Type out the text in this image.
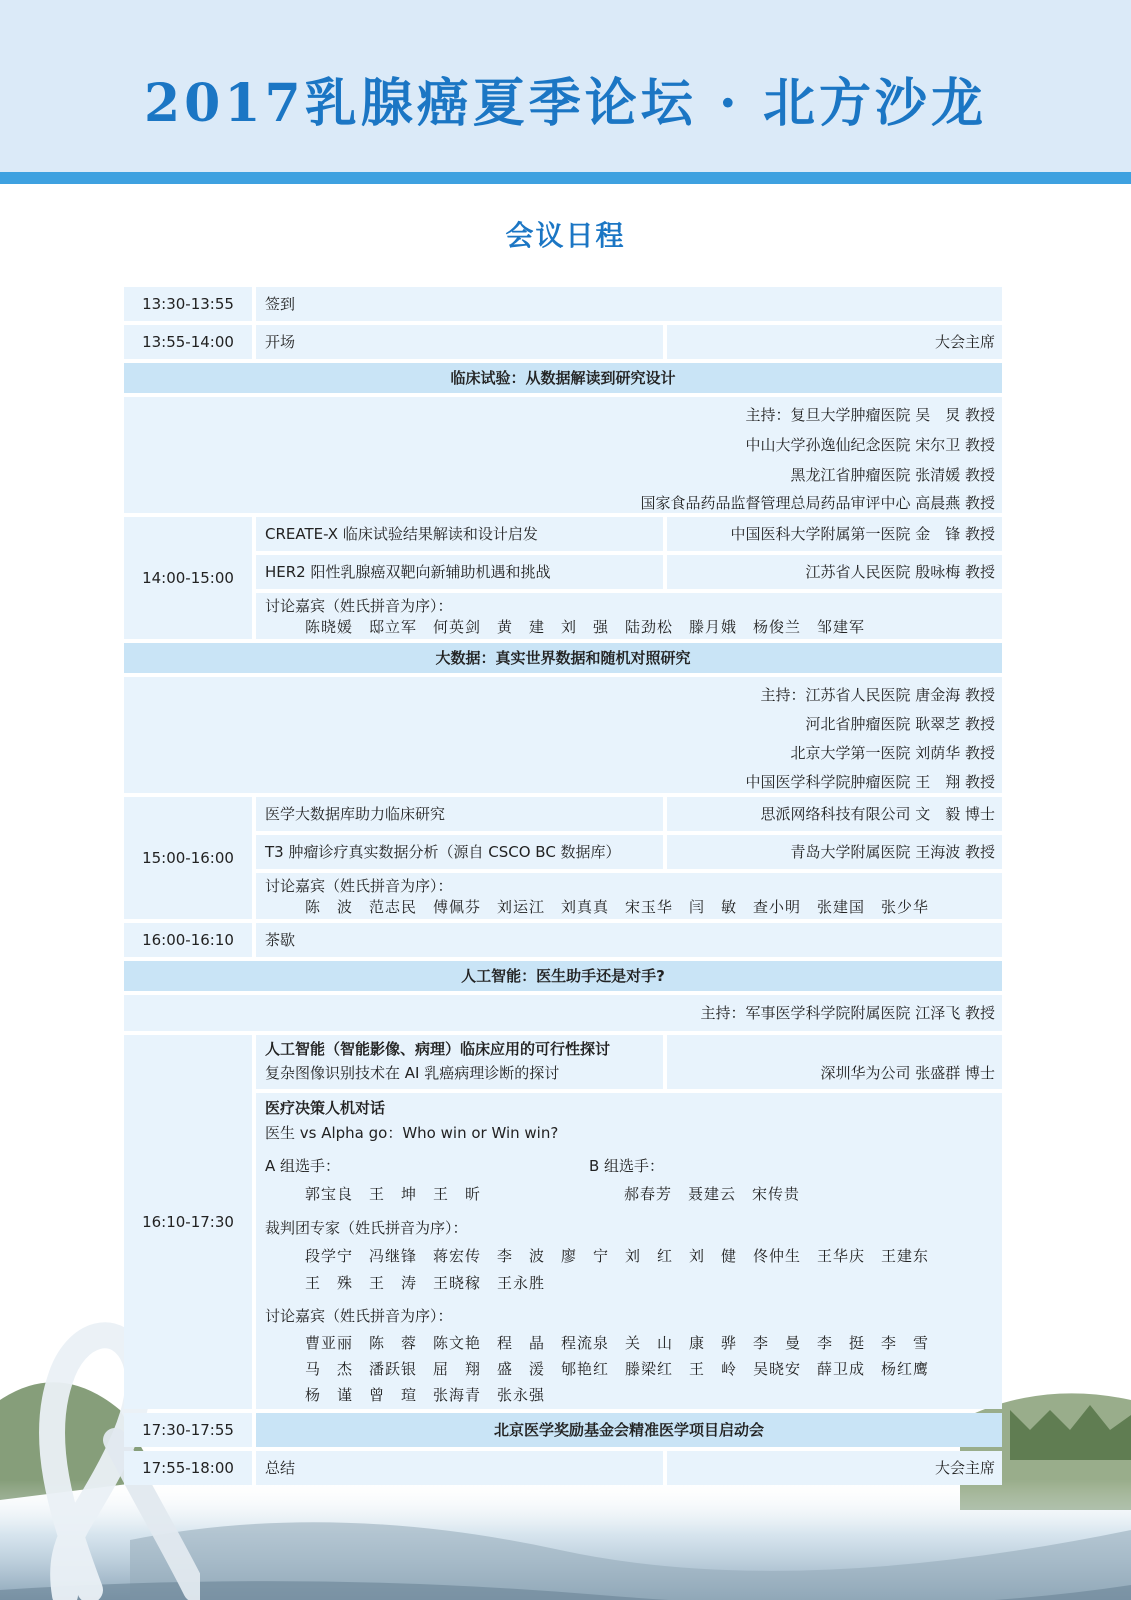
2017乳腺癌夏季论坛 · 北方沙龙
会议日程
13:30-13:55	签到
13:55-14:00	开场	大会主席
临床试验：从数据解读到研究设计
主持：复旦大学肿瘤医院 吴　炅 教授
中山大学孙逸仙纪念医院 宋尔卫 教授
黑龙江省肿瘤医院 张清媛 教授
国家食品药品监督管理总局药品审评中心 高晨燕 教授
14:00-15:00
CREATE-X 临床试验结果解读和设计启发	中国医科大学附属第一医院 金　锋 教授
HER2 阳性乳腺癌双靶向新辅助机遇和挑战	江苏省人民医院 殷咏梅 教授
讨论嘉宾（姓氏拼音为序）：
陈晓媛　邸立军　何英剑　黄　建　刘　强　陆劲松　滕月娥　杨俊兰　邹建军
大数据：真实世界数据和随机对照研究
主持：江苏省人民医院 唐金海 教授
河北省肿瘤医院 耿翠芝 教授
北京大学第一医院 刘荫华 教授
中国医学科学院肿瘤医院 王　翔 教授
15:00-16:00
医学大数据库助力临床研究	思派网络科技有限公司 文　毅 博士
T3 肿瘤诊疗真实数据分析（源自 CSCO BC 数据库）	青岛大学附属医院 王海波 教授
讨论嘉宾（姓氏拼音为序）：
陈　波　范志民　傅佩芬　刘运江　刘真真　宋玉华　闫　敏　查小明　张建国　张少华
16:00-16:10	茶歇
人工智能：医生助手还是对手?
主持：军事医学科学院附属医院 江泽飞 教授
16:10-17:30
人工智能（智能影像、病理）临床应用的可行性探讨
复杂图像识别技术在 AI 乳癌病理诊断的探讨	深圳华为公司 张盛群 博士
医疗决策人机对话
医生 vs Alpha go：Who win or Win win?
A 组选手：
郭宝良　王　坤　王　昕
B 组选手：
郝春芳　聂建云　宋传贵
裁判团专家（姓氏拼音为序）：
段学宁　冯继锋　蒋宏传　李　波　廖　宁　刘　红　刘　健　佟仲生　王华庆　王建东
王　殊　王　涛　王晓稼　王永胜
讨论嘉宾（姓氏拼音为序）：
曹亚丽　陈　蓉　陈文艳　程　晶　程流泉　关　山　康　骅　李　曼　李　挺　李　雪
马　杰　潘跃银　屈　翔　盛　湲　郇艳红　滕梁红　王　岭　吴晓安　薛卫成　杨红鹰
杨　谨　曾　瑄　张海青　张永强
17:30-17:55	北京医学奖励基金会精准医学项目启动会
17:55-18:00	总结	大会主席
